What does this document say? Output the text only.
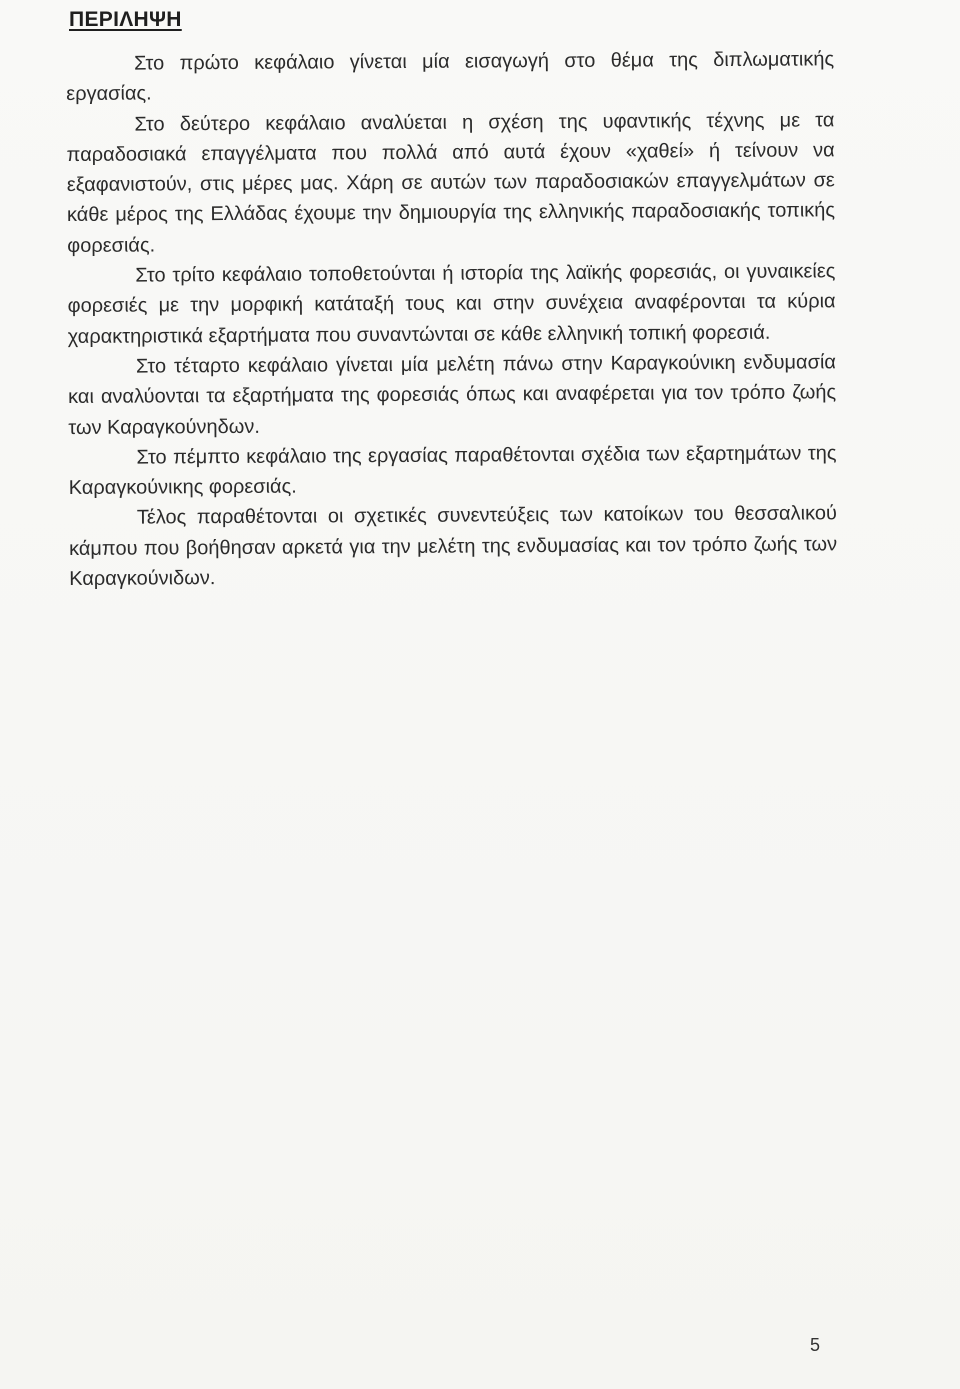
ΠΕΡΙΛΗΨΗ

Στο πρώτο κεφάλαιο γίνεται μία εισαγωγή στο θέμα της διπλωματικής εργασίας.

Στο δεύτερο κεφάλαιο αναλύεται η σχέση της υφαντικής τέχνης με τα παραδοσιακά επαγγέλματα που πολλά από αυτά έχουν «χαθεί» ή τείνουν να εξαφανιστούν, στις μέρες μας. Χάρη σε αυτών των παραδοσιακών επαγγελμάτων σε κάθε μέρος της Ελλάδας έχουμε την δημιουργία της ελληνικής παραδοσιακής τοπικής φορεσιάς.

Στο τρίτο κεφάλαιο τοποθετούνται ή ιστορία της λαϊκής φορεσιάς, οι γυναικείες φορεσιές με την μορφική κατάταξή τους και στην συνέχεια αναφέρονται τα κύρια χαρακτηριστικά εξαρτήματα που συναντώνται σε κάθε ελληνική τοπική φορεσιά.

Στο τέταρτο κεφάλαιο γίνεται μία μελέτη πάνω στην Καραγκούνικη ενδυμασία και αναλύονται τα εξαρτήματα της φορεσιάς όπως και αναφέρεται για τον τρόπο ζωής των Καραγκούνηδων.

Στο πέμπτο κεφάλαιο της εργασίας παραθέτονται σχέδια των εξαρτημάτων της Καραγκούνικης φορεσιάς.

Τέλος παραθέτονται οι σχετικές συνεντεύξεις των κατοίκων του θεσσαλικού κάμπου που βοήθησαν αρκετά για την μελέτη της ενδυμασίας και τον τρόπο ζωής των Καραγκούνιδων.

5
